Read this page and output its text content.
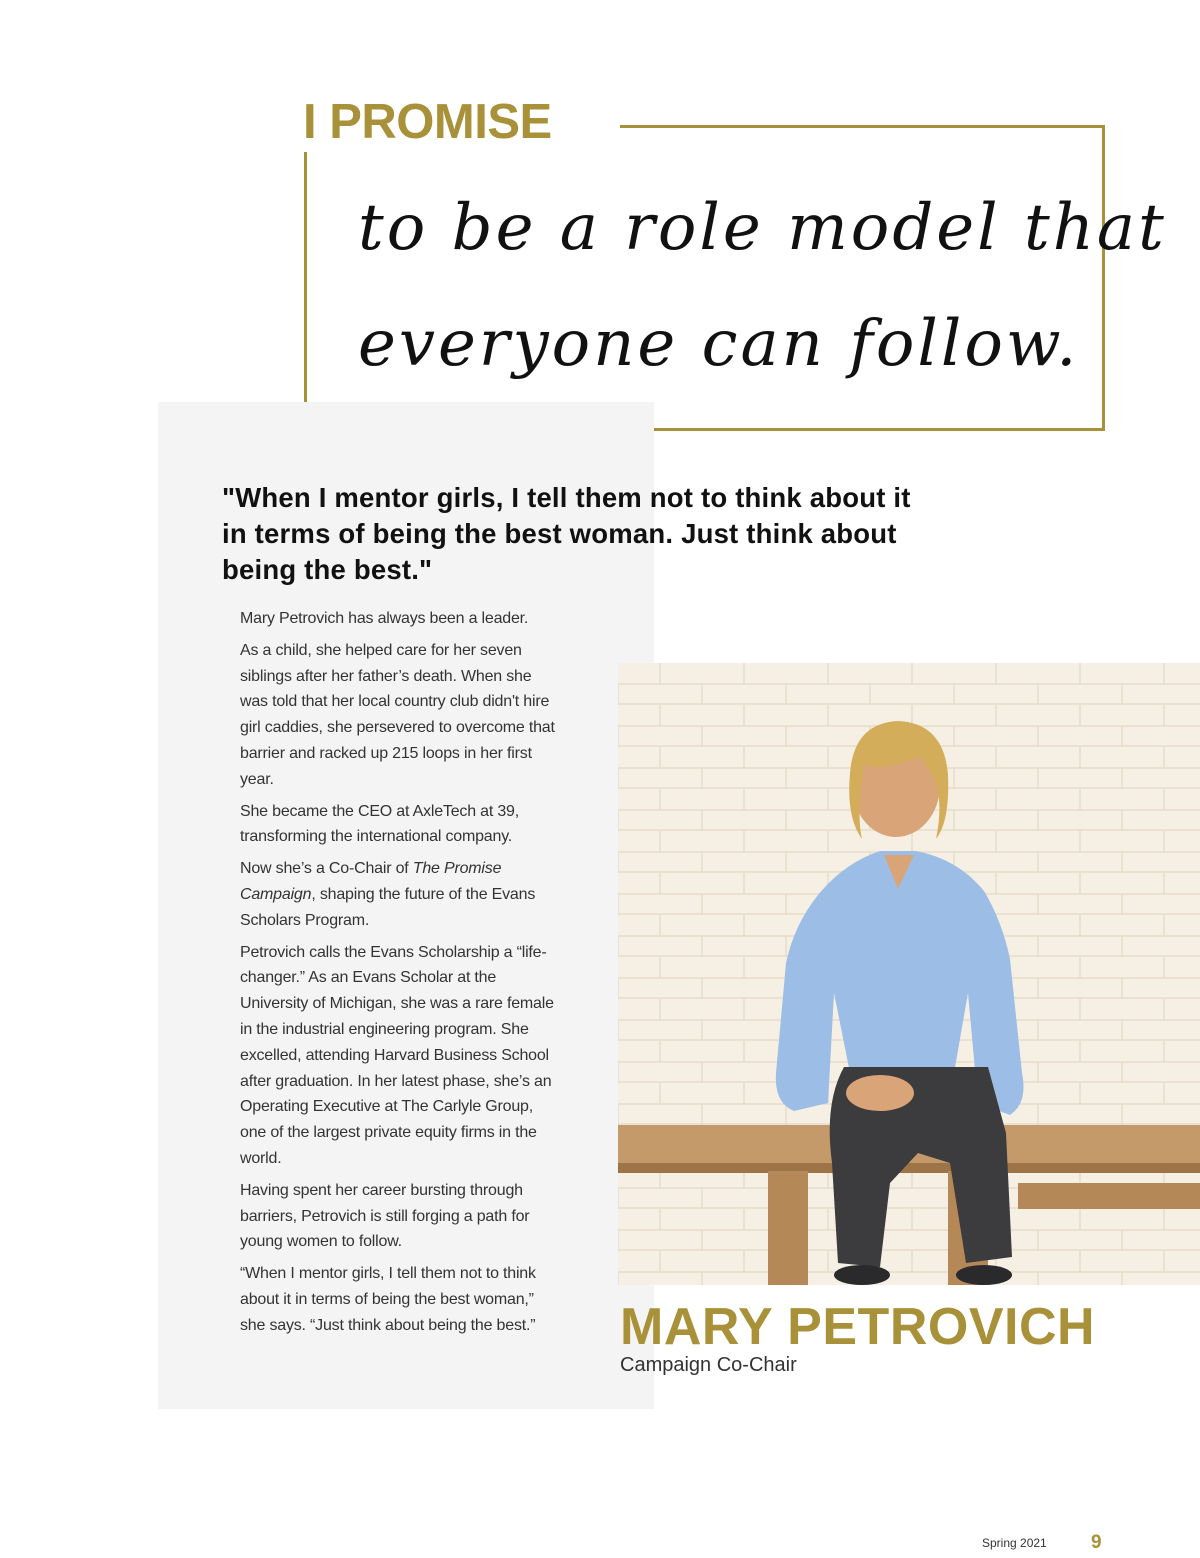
I PROMISE

to be a role model that

everyone can follow.

"When I mentor girls, I tell them not to think about it in terms of being the best woman. Just think about being the best."

Mary Petrovich has always been a leader.

As a child, she helped care for her seven siblings after her father’s death. When she was told that her local country club didn't hire girl caddies, she persevered to overcome that barrier and racked up 215 loops in her first year.

She became the CEO at AxleTech at 39, transforming the international company.

Now she’s a Co-Chair of The Promise Campaign, shaping the future of the Evans Scholars Program.

Petrovich calls the Evans Scholarship a “life-changer.” As an Evans Scholar at the University of Michigan, she was a rare female in the industrial engineering program. She excelled, attending Harvard Business School after graduation. In her latest phase, she’s an Operating Executive at The Carlyle Group, one of the largest private equity firms in the world.

Having spent her career bursting through barriers, Petrovich is still forging a path for young women to follow.

“When I mentor girls, I tell them not to think about it in terms of being the best woman,” she says. “Just think about being the best.”	MARY PETROVICH

Campaign Co-Chair

Spring 2021 9
